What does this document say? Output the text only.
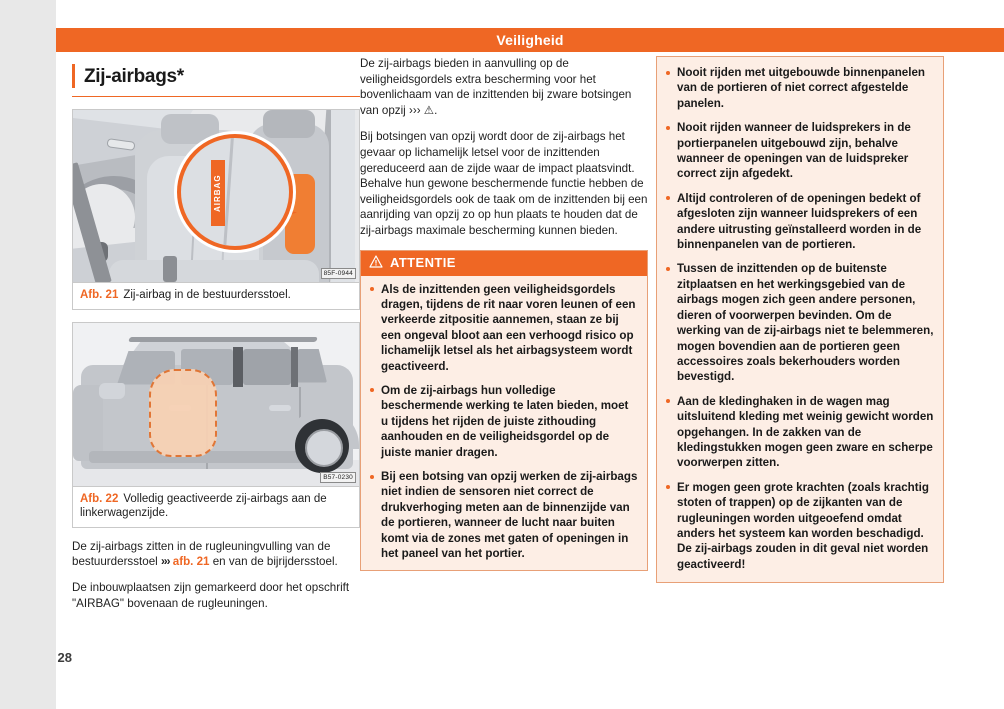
28
Veiligheid
Zij-airbags*
AIRBAG
85F-0944
Afb. 21 Zij-airbag in de bestuurdersstoel.
B57-0230
Afb. 22 Volledig geactiveerde zij-airbags aan de linkerwagenzijde.

De zij-airbags zitten in de rugleuningvulling van de bestuurdersstoel ››› afb. 21 en van de bijrijdersstoel.

De inbouwplaatsen zijn gemarkeerd door het opschrift "AIRBAG" bovenaan de rugleuningen.

De zij-airbags bieden in aanvulling op de veiligheidsgordels extra bescherming voor het bovenlichaam van de inzittenden bij zware botsingen van opzij ››› ⚠.

Bij botsingen van opzij wordt door de zij-airbags het gevaar op lichamelijk letsel voor de inzittenden gereduceerd aan de zijde waar de impact plaatsvindt. Behalve hun gewone beschermende functie hebben de veiligheidsgordels ook de taak om de inzittenden bij een aanrijding van opzij zo op hun plaats te houden dat de zij-airbags maximale bescherming kunnen bieden.

ATTENTIE

Als de inzittenden geen veiligheidsgordels dragen, tijdens de rit naar voren leunen of een verkeerde zitpositie aannemen, staan ze bij een ongeval bloot aan een verhoogd risico op lichamelijk letsel als het airbagsysteem wordt geactiveerd.

Om de zij-airbags hun volledige beschermende werking te laten bieden, moet u tijdens het rijden de juiste zithouding aanhouden en de veiligheidsgordel op de juiste manier dragen.

Bij een botsing van opzij werken de zij-airbags niet indien de sensoren niet correct de drukverhoging meten aan de binnenzijde van de portieren, wanneer de lucht naar buiten komt via de zones met gaten of openingen in het paneel van het portier.

Nooit rijden met uitgebouwde binnenpanelen van de portieren of niet correct afgestelde panelen.

Nooit rijden wanneer de luidsprekers in de portierpanelen uitgebouwd zijn, behalve wanneer de openingen van de luidspreker correct zijn afgedekt.

Altijd controleren of de openingen bedekt of afgesloten zijn wanneer luidsprekers of een andere uitrusting geïnstalleerd worden in de binnenpanelen van de portieren.

Tussen de inzittenden op de buitenste zitplaatsen en het werkingsgebied van de airbags mogen zich geen andere personen, dieren of voorwerpen bevinden. Om de werking van de zij-airbags niet te belemmeren, mogen bovendien aan de portieren geen accessoires zoals bekerhouders worden bevestigd.

Aan de kledinghaken in de wagen mag uitsluitend kleding met weinig gewicht worden opgehangen. In de zakken van de kledingstukken mogen geen zware en scherpe voorwerpen zitten.

Er mogen geen grote krachten (zoals krachtig stoten of trappen) op de zijkanten van de rugleuningen worden uitgeoefend omdat anders het systeem kan worden beschadigd. De zij-airbags zouden in dit geval niet worden geactiveerd!
